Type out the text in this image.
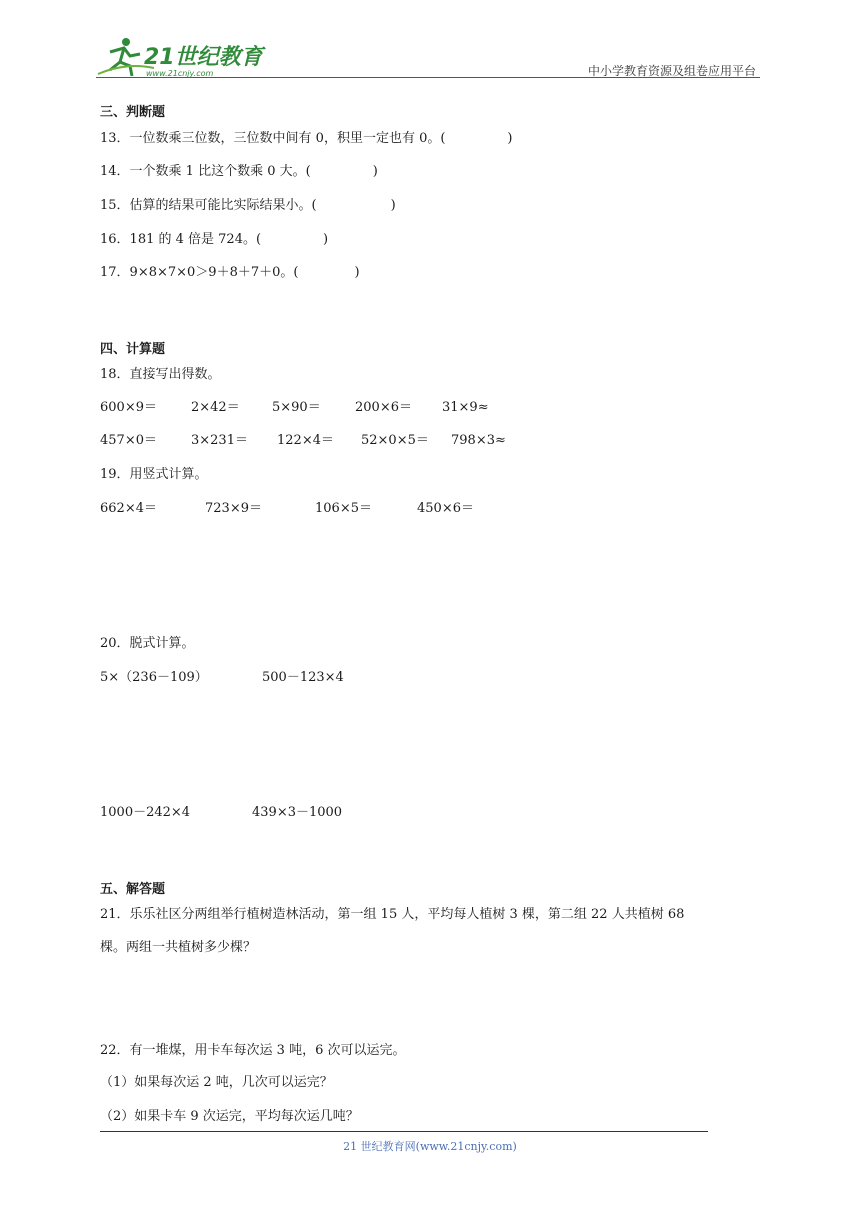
21世纪教育
www.21cnjy.com	中小学教育资源及组卷应用平台
三、判断题
13．一位数乘三位数，三位数中间有 0，积里一定也有 0。(	)
14．一个数乘 1 比这个数乘 0 大。(	)
15．估算的结果可能比实际结果小。(	)
16．181 的 4 倍是 724。(	)
17．9×8×7×0＞9＋8＋7＋0。(	)
四、计算题
18．直接写出得数。
600×9＝	2×42＝ 5×90＝	200×6＝ 31×9≈
457×0＝	3×231＝ 122×4＝ 52×0×5＝ 798×3≈
19．用竖式计算。
662×4＝	723×9＝	106×5＝	450×6＝
20．脱式计算。
5×（236－109）	500－123×4
1000－242×4	439×3－1000
五、解答题
21．乐乐社区分两组举行植树造林活动，第一组 15 人，平均每人植树 3 棵，第二组 22 人共植树 68
棵。两组一共植树多少棵？
22．有一堆煤，用卡车每次运 3 吨，6 次可以运完。
（1）如果每次运 2 吨，几次可以运完？
（2）如果卡车 9 次运完，平均每次运几吨？
21 世纪教育网(www.21cnjy.com)
